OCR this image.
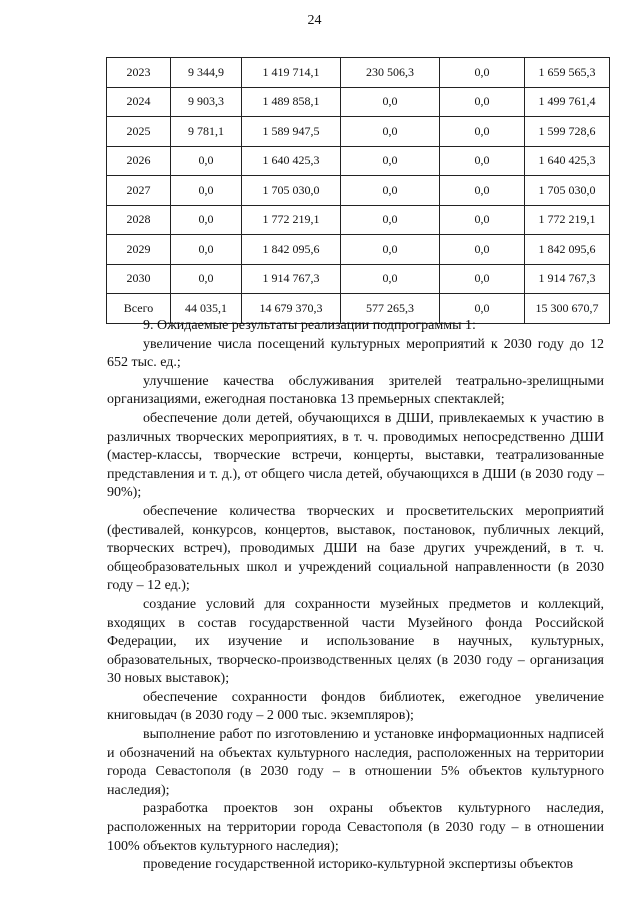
24
2023	9 344,9	1 419 714,1	230 506,3	0,0	1 659 565,3
2024	9 903,3	1 489 858,1	0,0	0,0	1 499 761,4
2025	9 781,1	1 589 947,5	0,0	0,0	1 599 728,6
2026	0,0	1 640 425,3	0,0	0,0	1 640 425,3
2027	0,0	1 705 030,0	0,0	0,0	1 705 030,0
2028	0,0	1 772 219,1	0,0	0,0	1 772 219,1
2029	0,0	1 842 095,6	0,0	0,0	1 842 095,6
2030	0,0	1 914 767,3	0,0	0,0	1 914 767,3
Всего	44 035,1	14 679 370,3	577 265,3	0,0	15 300 670,7

9. Ожидаемые результаты реализации подпрограммы 1:

увеличение числа посещений культурных мероприятий к 2030 году до 12 652 тыс. ед.;

улучшение качества обслуживания зрителей театрально-зрелищными организациями, ежегодная постановка 13 премьерных спектаклей;

обеспечение доли детей, обучающихся в ДШИ, привлекаемых к участию в различных творческих мероприятиях, в т. ч. проводимых непосредственно ДШИ (мастер-классы, творческие встречи, концерты, выставки, театрализованные представления и т. д.), от общего числа детей, обучающихся в ДШИ (в 2030 году – 90%);

обеспечение количества творческих и просветительских мероприятий (фестивалей, конкурсов, концертов, выставок, постановок, публичных лекций, творческих встреч), проводимых ДШИ на базе других учреждений, в т. ч. общеобразовательных школ и учреждений социальной направленности (в 2030 году – 12 ед.);

создание условий для сохранности музейных предметов и коллекций, входящих в состав государственной части Музейного фонда Российской Федерации, их изучение и использование в научных, культурных, образовательных, творческо-производственных целях (в 2030 году – организация 30 новых выставок);

обеспечение сохранности фондов библиотек, ежегодное увеличение книговыдач (в 2030 году – 2 000 тыс. экземпляров);

выполнение работ по изготовлению и установке информационных надписей и обозначений на объектах культурного наследия, расположенных на территории города Севастополя (в 2030 году – в отношении 5% объектов культурного наследия);

разработка проектов зон охраны объектов культурного наследия, расположенных на территории города Севастополя (в 2030 году – в отношении 100% объектов культурного наследия);

проведение государственной историко-культурной экспертизы объектов
